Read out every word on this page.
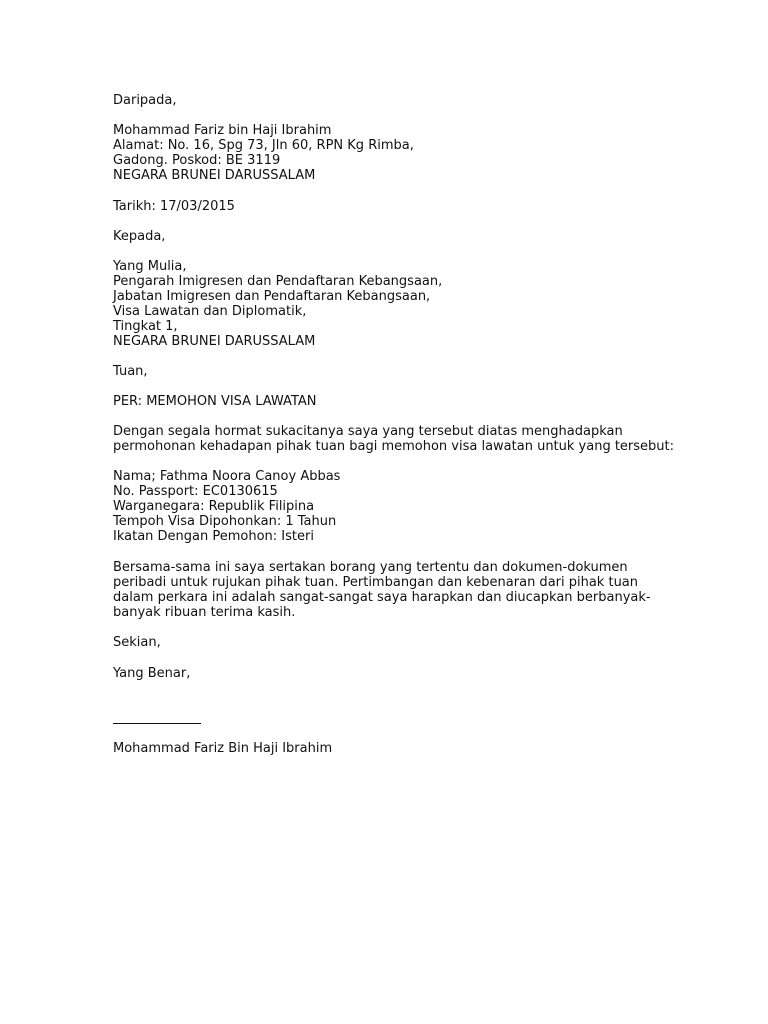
Daripada,
Mohammad Fariz bin Haji Ibrahim
Alamat: No. 16, Spg 73, Jln 60, RPN Kg Rimba,
Gadong. Poskod: BE 3119
NEGARA BRUNEI DARUSSALAM
Tarikh: 17/03/2015
Kepada,
Yang Mulia,
Pengarah Imigresen dan Pendaftaran Kebangsaan,
Jabatan Imigresen dan Pendaftaran Kebangsaan,
Visa Lawatan dan Diplomatik,
Tingkat 1,
NEGARA BRUNEI DARUSSALAM
Tuan,
PER: MEMOHON VISA LAWATAN
Dengan segala hormat sukacitanya saya yang tersebut diatas menghadapkan
permohonan kehadapan pihak tuan bagi memohon visa lawatan untuk yang tersebut:
Nama; Fathma Noora Canoy Abbas
No. Passport: EC0130615
Warganegara: Republik Filipina
Tempoh Visa Dipohonkan: 1 Tahun
Ikatan Dengan Pemohon: Isteri
Bersama-sama ini saya sertakan borang yang tertentu dan dokumen-dokumen
peribadi untuk rujukan pihak tuan. Pertimbangan dan kebenaran dari pihak tuan
dalam perkara ini adalah sangat-sangat saya harapkan dan diucapkan berbanyak-
banyak ribuan terima kasih.
Sekian,
Yang Benar,
Mohammad Fariz Bin Haji Ibrahim
